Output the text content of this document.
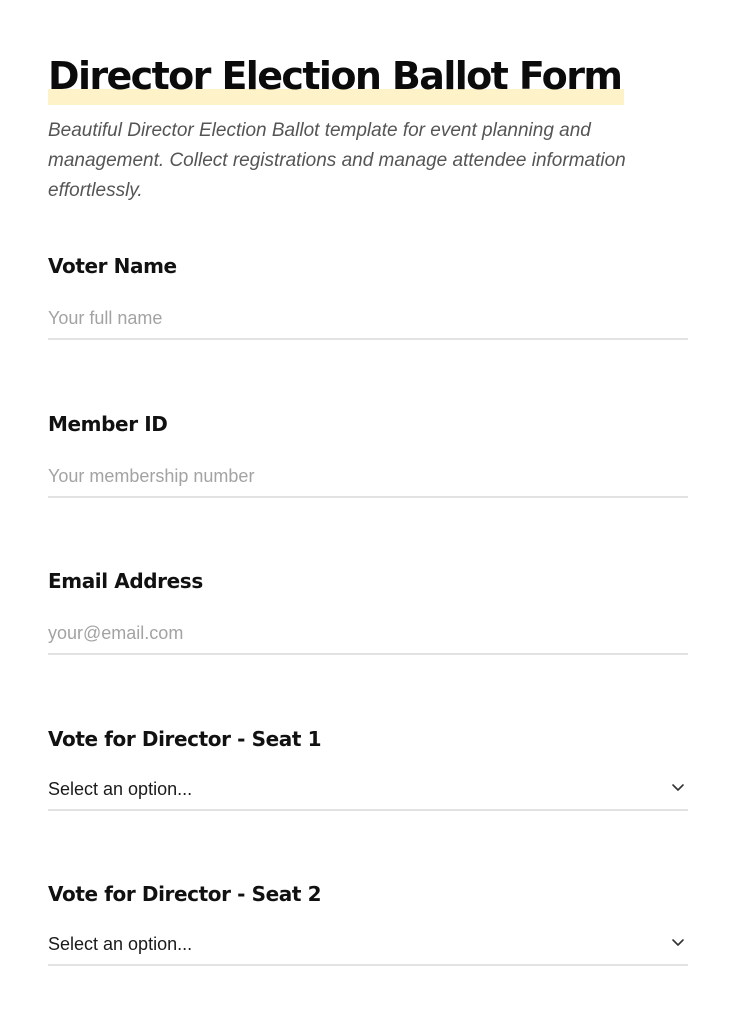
Director Election Ballot Form

Beautiful Director Election Ballot template for event planning and management. Collect registrations and manage attendee information effortlessly.

Voter Name
Your full name
Member ID
Your membership number
Email Address
your@email.com
Vote for Director - Seat 1
Select an option...
Vote for Director - Seat 2
Select an option...
